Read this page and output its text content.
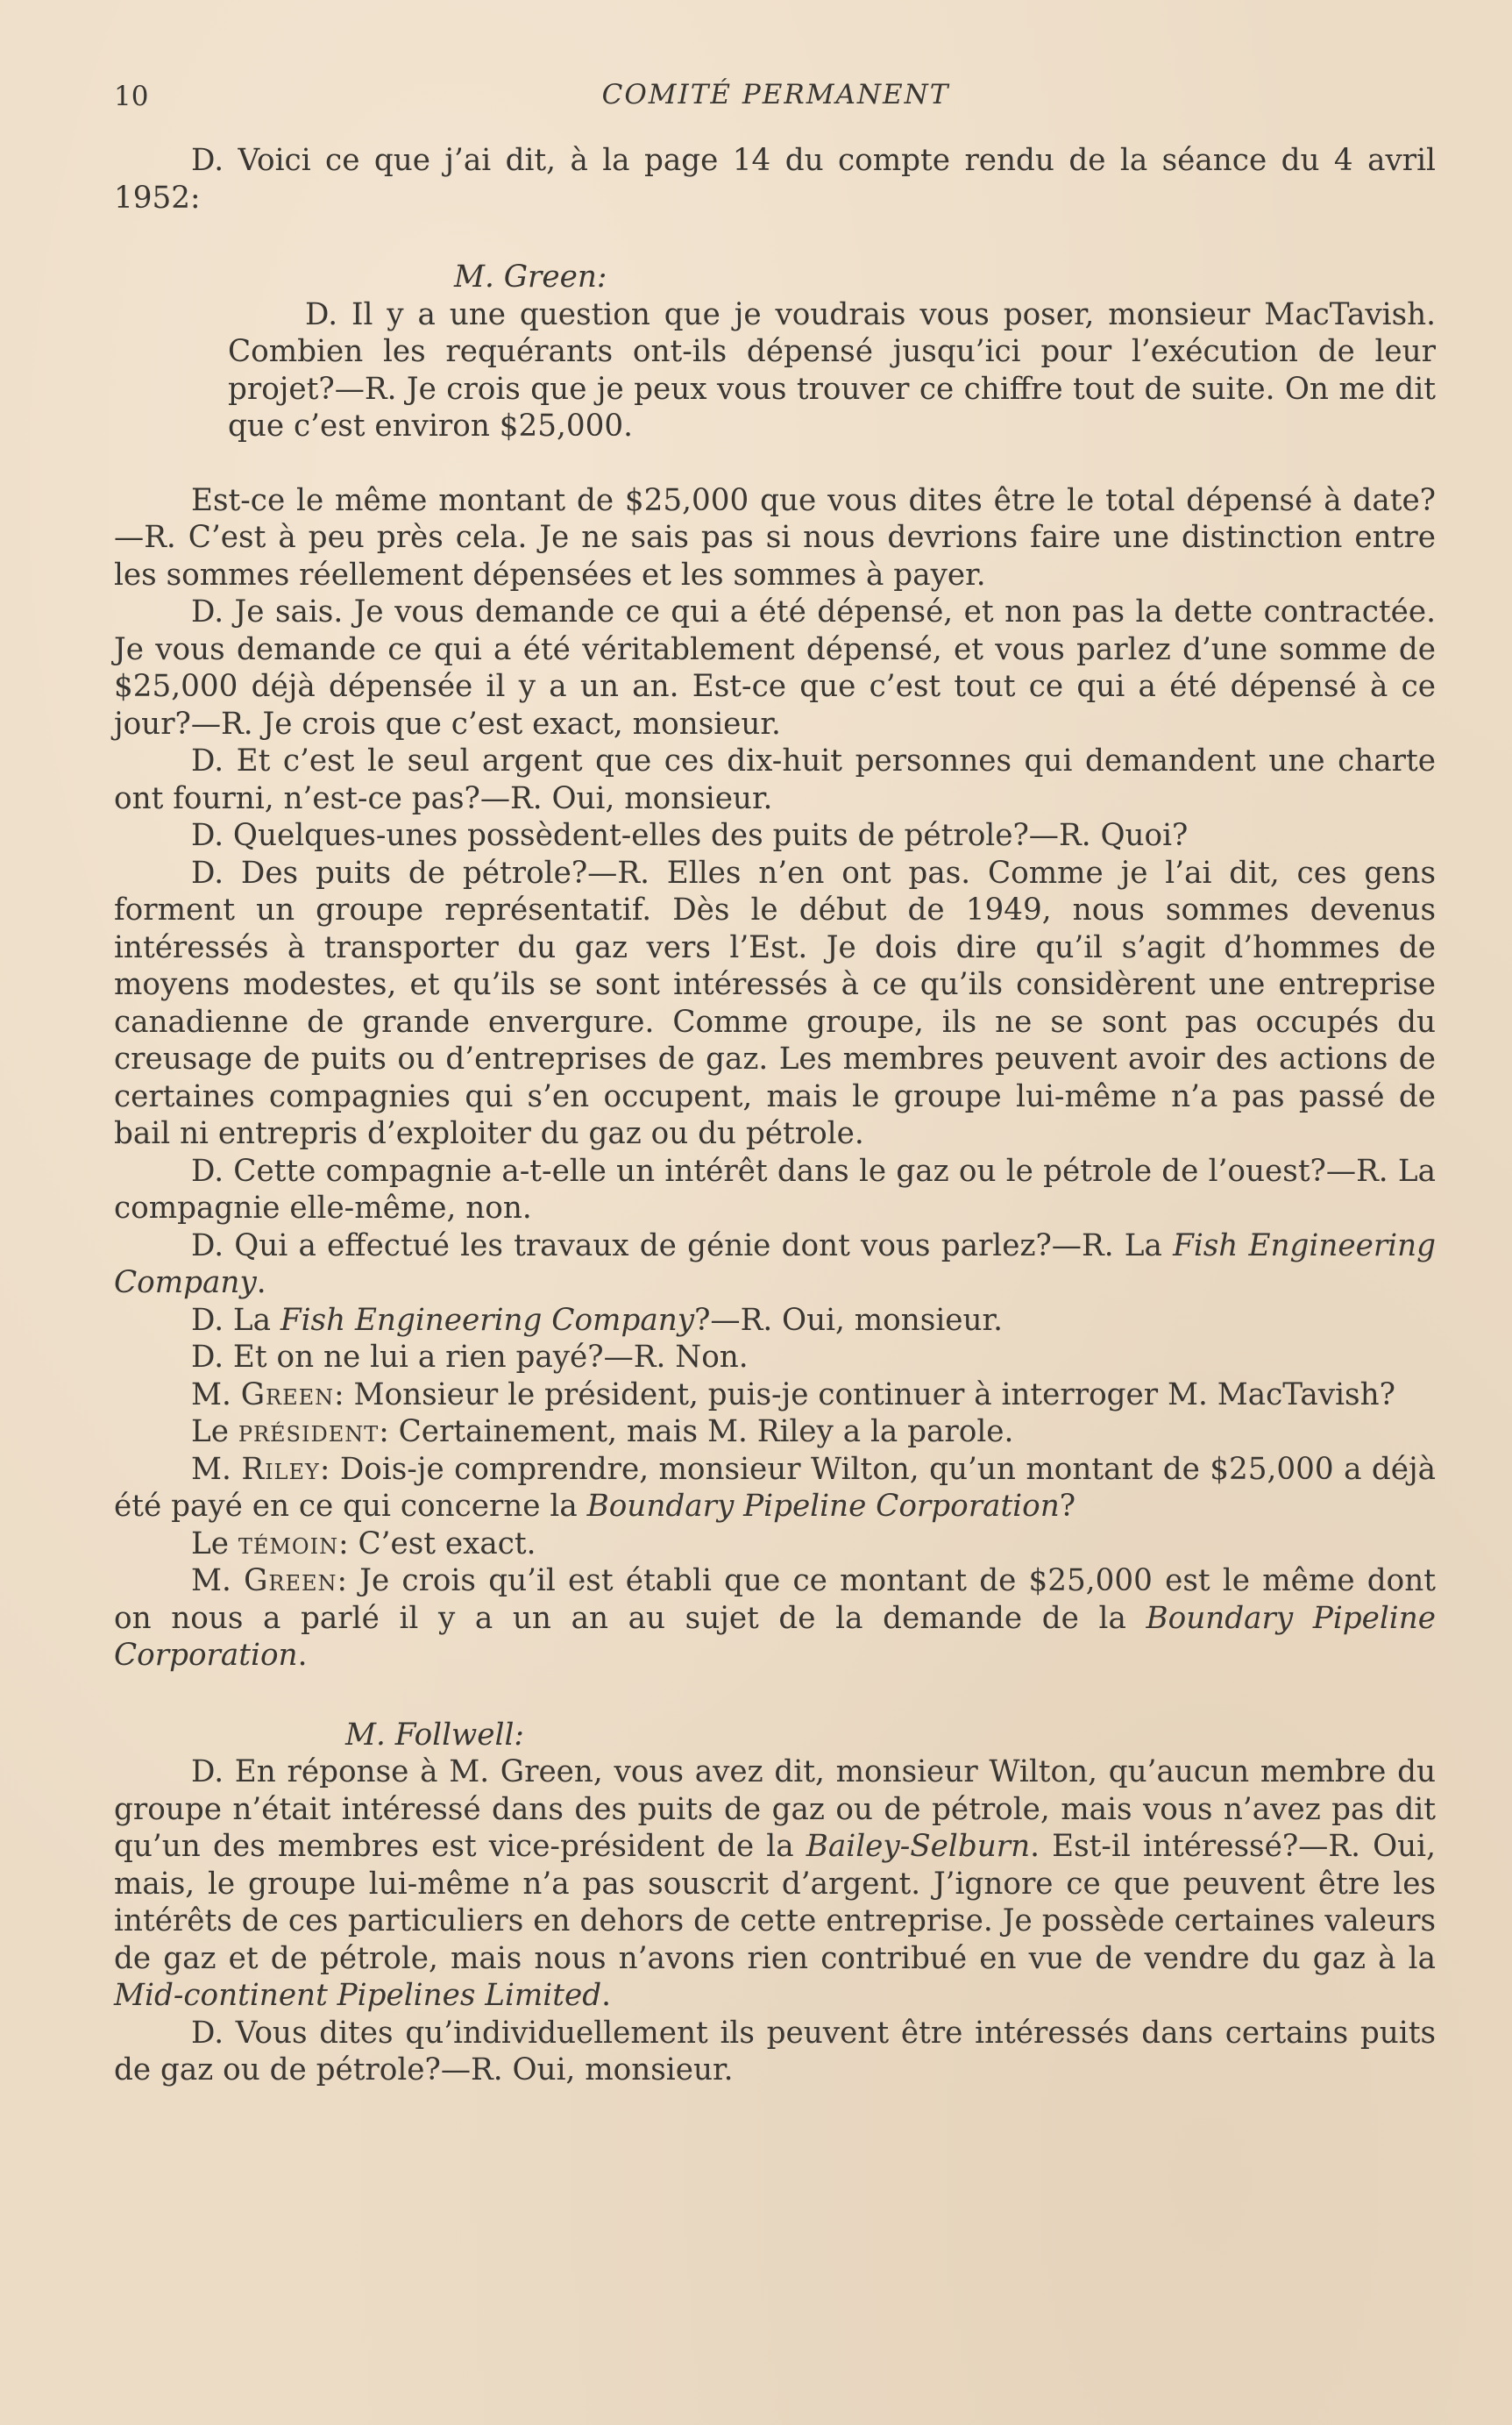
10	COMITÉ PERMANENT

D. Voici ce que j’ai dit, à la page 14 du compte rendu de la séance du 4 avril 1952:

M. Green:

D. Il y a une question que je voudrais vous poser, monsieur MacTavish. Combien les requérants ont-ils dépensé jusqu’ici pour l’exécution de leur projet?—R. Je crois que je peux vous trouver ce chiffre tout de suite. On me dit que c’est environ $25,000.

Est-ce le même montant de $25,000 que vous dites être le total dépensé à date?—R. C’est à peu près cela. Je ne sais pas si nous devrions faire une distinction entre les sommes réellement dépensées et les sommes à payer.

D. Je sais. Je vous demande ce qui a été dépensé, et non pas la dette contractée. Je vous demande ce qui a été véritablement dépensé, et vous parlez d’une somme de $25,000 déjà dépensée il y a un an. Est-ce que c’est tout ce qui a été dépensé à ce jour?—R. Je crois que c’est exact, monsieur.

D. Et c’est le seul argent que ces dix-huit personnes qui demandent une charte ont fourni, n’est-ce pas?—R. Oui, monsieur.

D. Quelques-unes possèdent-elles des puits de pétrole?—R. Quoi?

D. Des puits de pétrole?—R. Elles n’en ont pas. Comme je l’ai dit, ces gens forment un groupe représentatif. Dès le début de 1949, nous sommes devenus intéressés à transporter du gaz vers l’Est. Je dois dire qu’il s’agit d’hommes de moyens modestes, et qu’ils se sont intéressés à ce qu’ils considèrent une entreprise canadienne de grande envergure. Comme groupe, ils ne se sont pas occupés du creusage de puits ou d’entreprises de gaz. Les membres peuvent avoir des actions de certaines compagnies qui s’en occupent, mais le groupe lui-même n’a pas passé de bail ni entrepris d’exploiter du gaz ou du pétrole.

D. Cette compagnie a-t-elle un intérêt dans le gaz ou le pétrole de l’ouest?—R. La compagnie elle-même, non.

D. Qui a effectué les travaux de génie dont vous parlez?—R. La Fish Engineering Company.

D. La Fish Engineering Company?—R. Oui, monsieur.

D. Et on ne lui a rien payé?—R. Non.

M. Green: Monsieur le président, puis-je continuer à interroger M. MacTavish?

Le président: Certainement, mais M. Riley a la parole.

M. Riley: Dois-je comprendre, monsieur Wilton, qu’un montant de $25,000 a déjà été payé en ce qui concerne la Boundary Pipeline Corporation?

Le témoin: C’est exact.

M. Green: Je crois qu’il est établi que ce montant de $25,000 est le même dont on nous a parlé il y a un an au sujet de la demande de la Boundary Pipeline Corporation.

M. Follwell:

D. En réponse à M. Green, vous avez dit, monsieur Wilton, qu’aucun membre du groupe n’était intéressé dans des puits de gaz ou de pétrole, mais vous n’avez pas dit qu’un des membres est vice-président de la Bailey-Selburn. Est-il intéressé?—R. Oui, mais, le groupe lui-même n’a pas souscrit d’argent. J’ignore ce que peuvent être les intérêts de ces particuliers en dehors de cette entreprise. Je possède certaines valeurs de gaz et de pétrole, mais nous n’avons rien contribué en vue de vendre du gaz à la Mid-continent Pipelines Limited.

D. Vous dites qu’individuellement ils peuvent être intéressés dans certains puits de gaz ou de pétrole?—R. Oui, monsieur.
